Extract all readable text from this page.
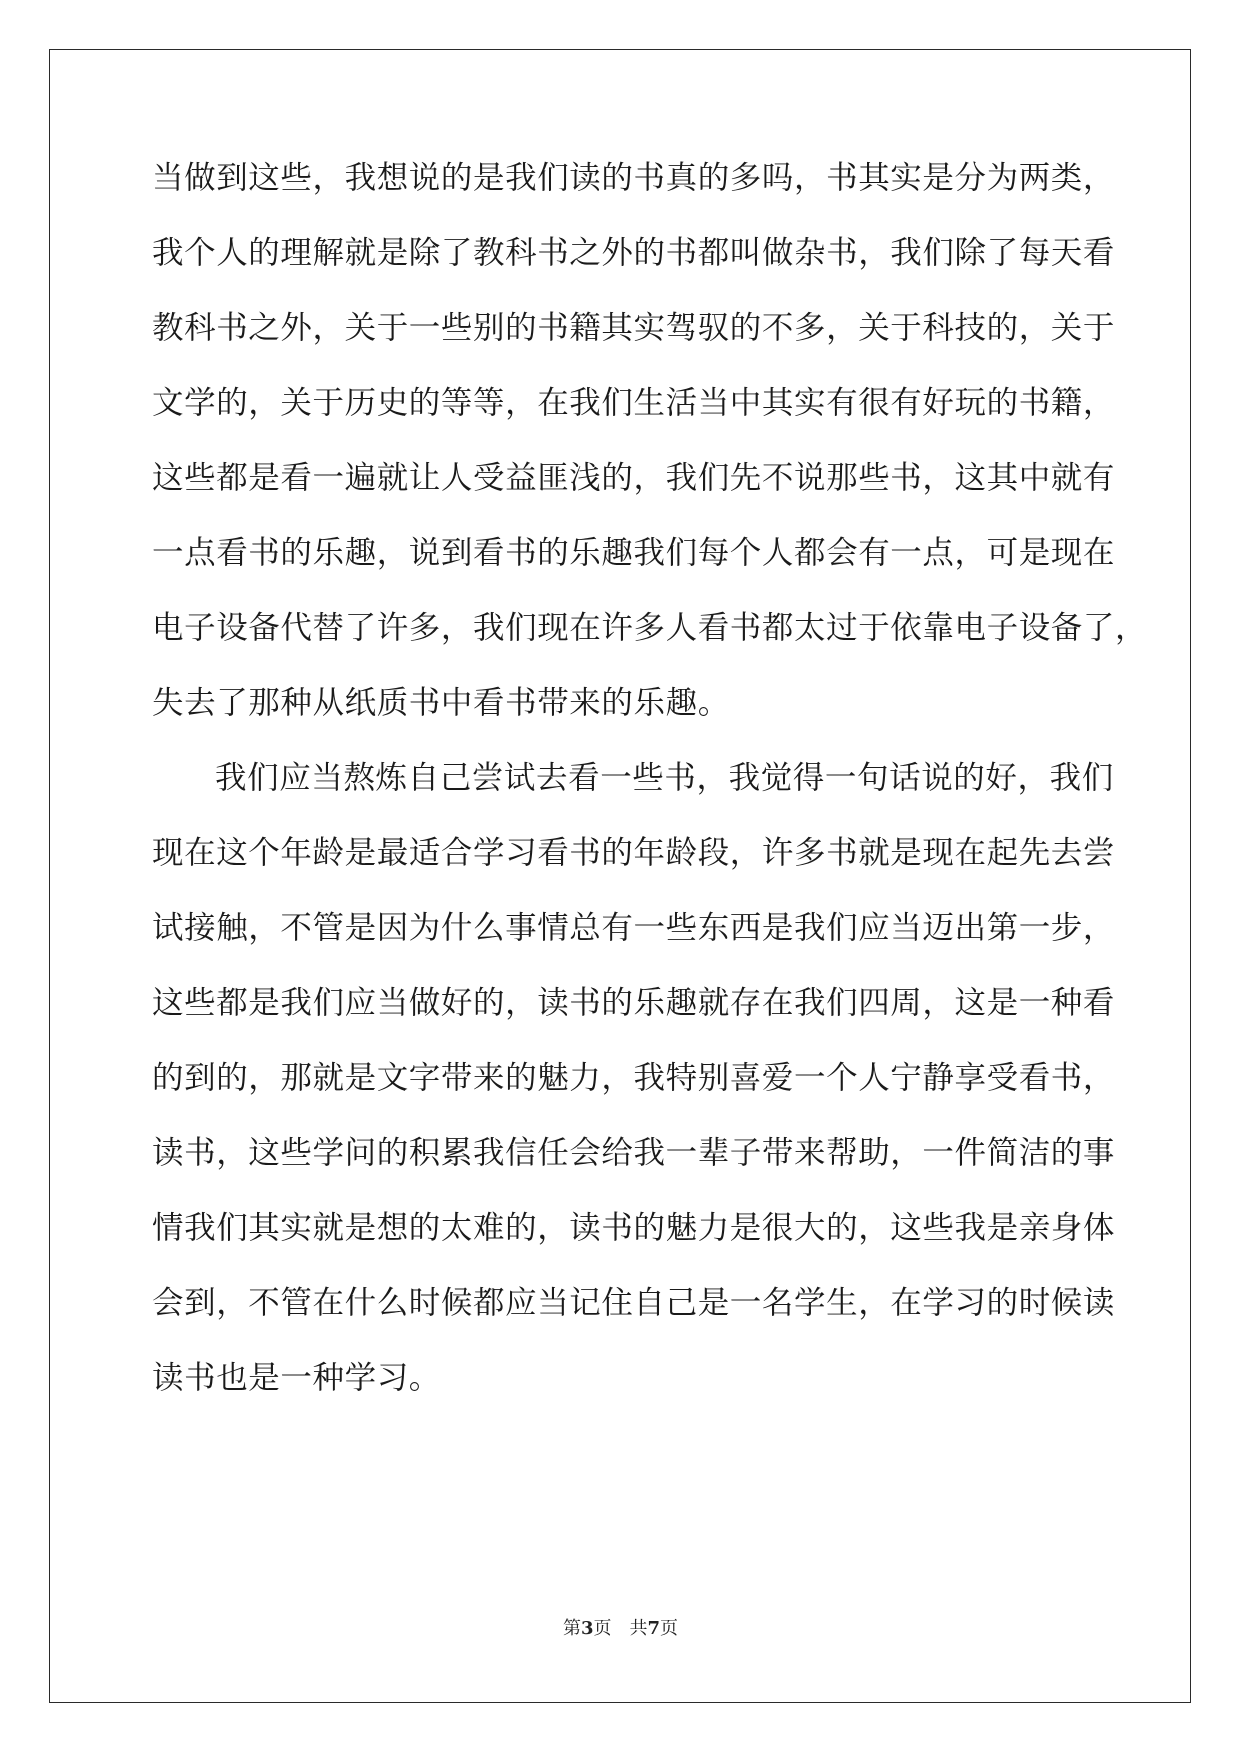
当做到这些，我想说的是我们读的书真的多吗，书其实是分为两类，
我个人的理解就是除了教科书之外的书都叫做杂书，我们除了每天看
教科书之外，关于一些别的书籍其实驾驭的不多，关于科技的，关于
文学的，关于历史的等等，在我们生活当中其实有很有好玩的书籍，
这些都是看一遍就让人受益匪浅的，我们先不说那些书，这其中就有
一点看书的乐趣，说到看书的乐趣我们每个人都会有一点，可是现在
电子设备代替了许多，我们现在许多人看书都太过于依靠电子设备了，
失去了那种从纸质书中看书带来的乐趣。
我们应当熬炼自己尝试去看一些书，我觉得一句话说的好，我们
现在这个年龄是最适合学习看书的年龄段，许多书就是现在起先去尝
试接触，不管是因为什么事情总有一些东西是我们应当迈出第一步，
这些都是我们应当做好的，读书的乐趣就存在我们四周，这是一种看
的到的，那就是文字带来的魅力，我特别喜爱一个人宁静享受看书，
读书，这些学问的积累我信任会给我一辈子带来帮助，一件简洁的事
情我们其实就是想的太难的，读书的魅力是很大的，这些我是亲身体
会到，不管在什么时候都应当记住自己是一名学生，在学习的时候读
读书也是一种学习。
第3页 共7页
